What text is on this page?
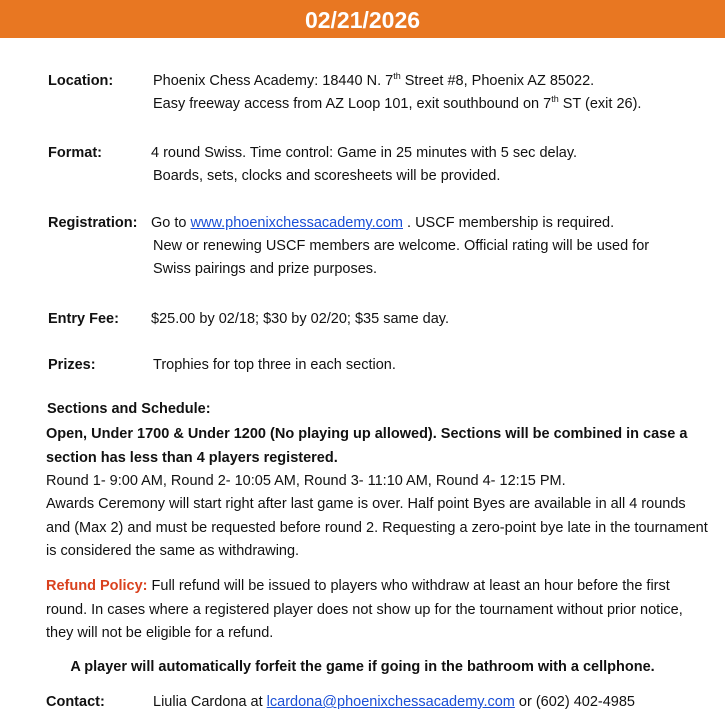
02/21/2026
Location:	Phoenix Chess Academy: 18440 N. 7th Street #8, Phoenix AZ 85022.
Easy freeway access from AZ Loop 101, exit southbound on 7th ST (exit 26).
Format:	4 round Swiss. Time control: Game in 25 minutes with 5 sec delay.
Boards, sets, clocks and scoresheets will be provided.
Registration: Go to www.phoenixchessacademy.com . USCF membership is required.
New or renewing USCF members are welcome. Official rating will be used for
Swiss pairings and prize purposes.
Entry Fee: $25.00 by 02/18; $30 by 02/20; $35 same day.
Prizes:	Trophies for top three in each section.
Sections and Schedule:
Open, Under 1700 & Under 1200 (No playing up allowed). Sections will be combined in case a section has less than 4 players registered.
Round 1- 9:00 AM, Round 2- 10:05 AM, Round 3- 11:10 AM, Round 4- 12:15 PM.
Awards Ceremony will start right after last game is over. Half point Byes are available in all 4 rounds and (Max 2) and must be requested before round 2. Requesting a zero-point bye late in the tournament is considered the same as withdrawing.
Refund Policy: Full refund will be issued to players who withdraw at least an hour before the first round. In cases where a registered player does not show up for the tournament without prior notice, they will not be eligible for a refund.
A player will automatically forfeit the game if going in the bathroom with a cellphone.
Contact:	Liulia Cardona at lcardona@phoenixchessacademy.com or (602) 402-4985
